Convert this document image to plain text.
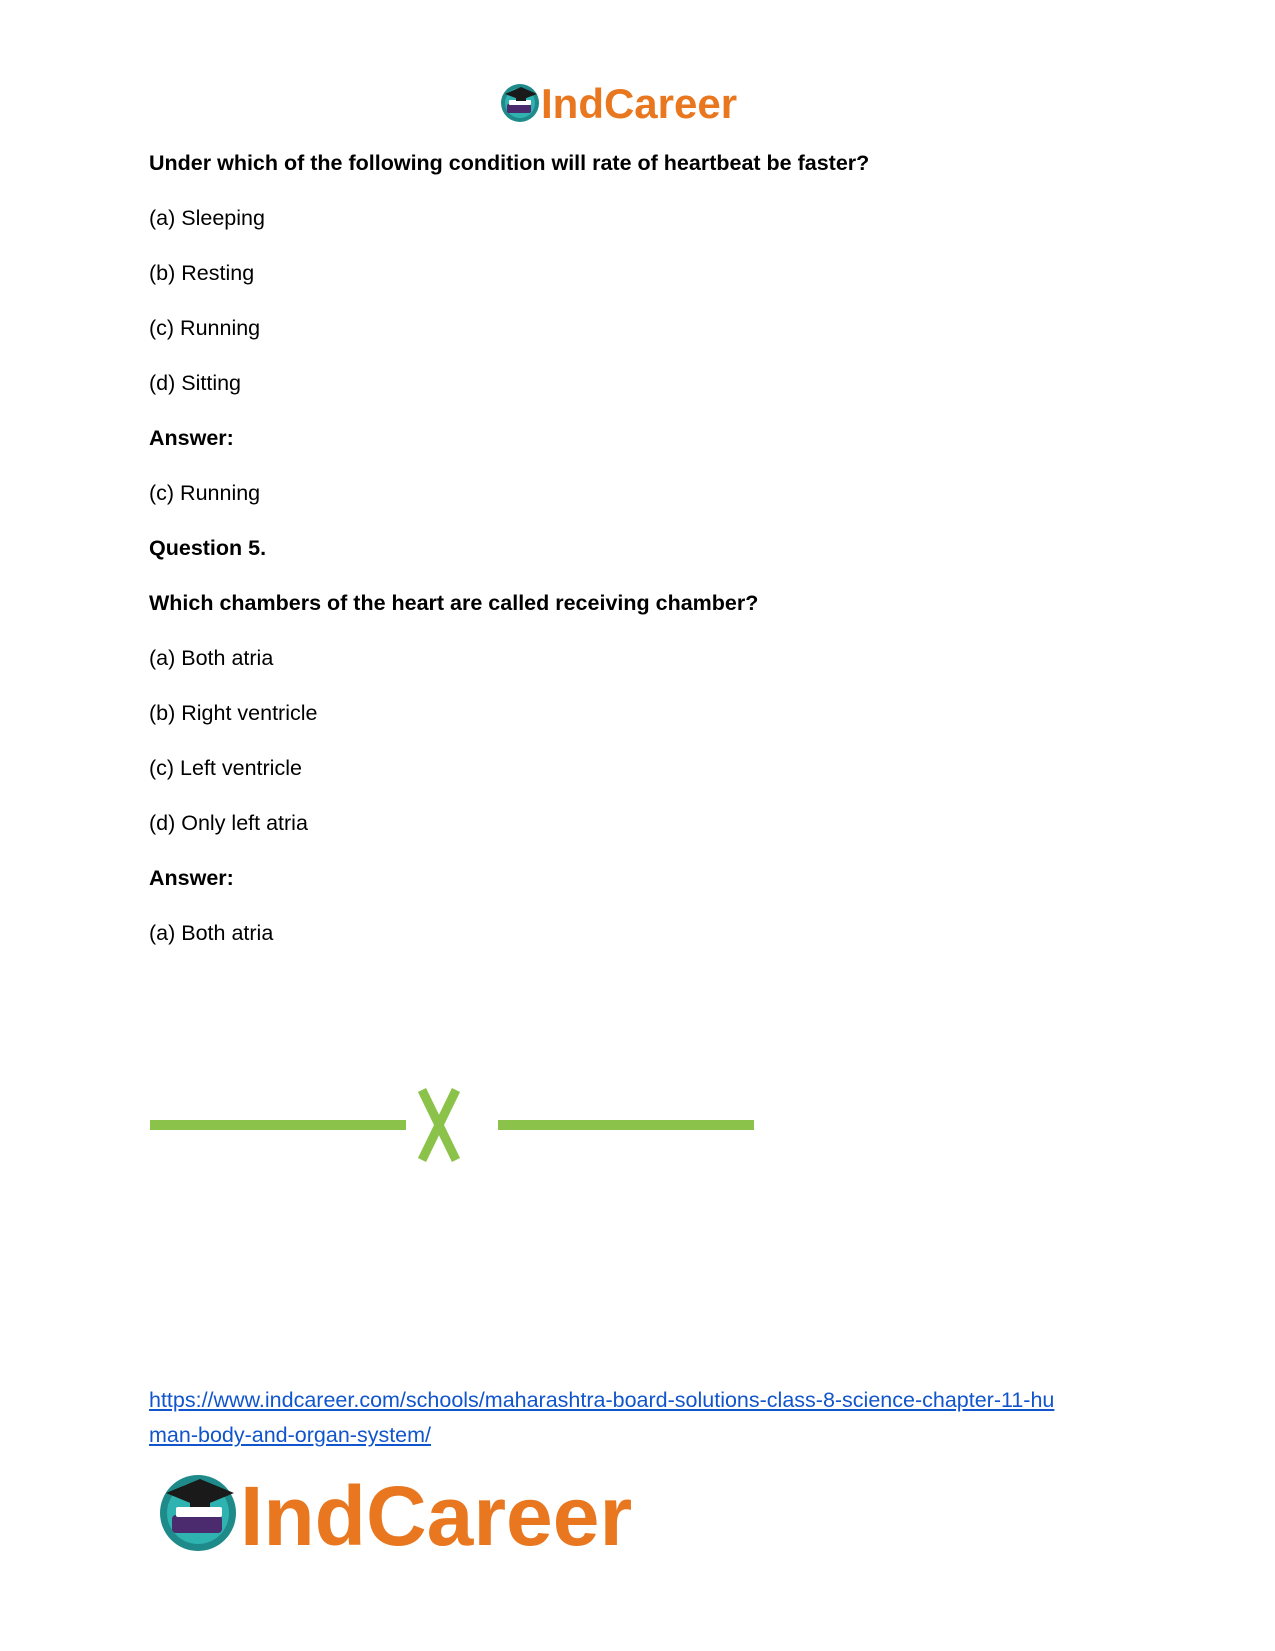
IndCareer
Under which of the following condition will rate of heartbeat be faster?
(a) Sleeping
(b) Resting
(c) Running
(d) Sitting
Answer:
(c) Running
Question 5.
Which chambers of the heart are called receiving chamber?
(a) Both atria
(b) Right ventricle
(c) Left ventricle
(d) Only left atria
Answer:
(a) Both atria
https://www.indcareer.com/schools/maharashtra-board-solutions-class-8-science-chapter-11-hu
man-body-and-organ-system/
IndCareer
